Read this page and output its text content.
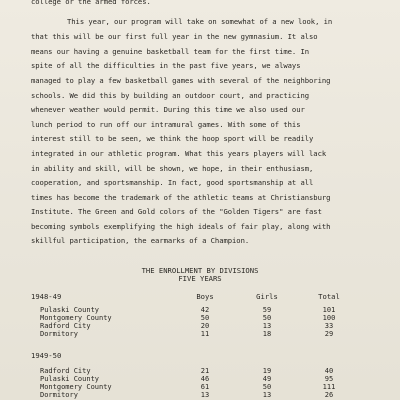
college or the armed forces.
This year, our program will take on somewhat of a new look, in
that this will be our first full year in the new gymnasium. It also
means our having a genuine basketball team for the first time. In
spite of all the difficulties in the past five years, we always
managed to play a few basketball games with several of the neighboring
schools. We did this by building an outdoor court, and practicing
whenever weather would permit. During this time we also used our
lunch period to run off our intramural games. With some of this
interest still to be seen, we think the hoop sport will be readily
integrated in our athletic program. What this years players will lack
in ability and skill, will be shown, we hope, in their enthusiasm,
cooperation, and sportsmanship. In fact, good sportsmanship at all
times has become the trademark of the athletic teams at Christiansburg
Institute. The Green and Gold colors of the "Golden Tigers" are fast
becoming symbols exemplifying the high ideals of fair play, along with
skillful participation, the earmarks of a Champion.
THE ENROLLMENT BY DIVISIONS
FIVE YEARS
Boys	Girls	Total
1948-49
Pulaski County	42	59	101
Montgomery County	50	50	100
Radford City	20	13	33
Dormitory	11	18	29
1949-50
Radford City	21	19	40
Pulaski County	46	49	95
Montgomery County	61	50	111
Dormitory	13	13	26
